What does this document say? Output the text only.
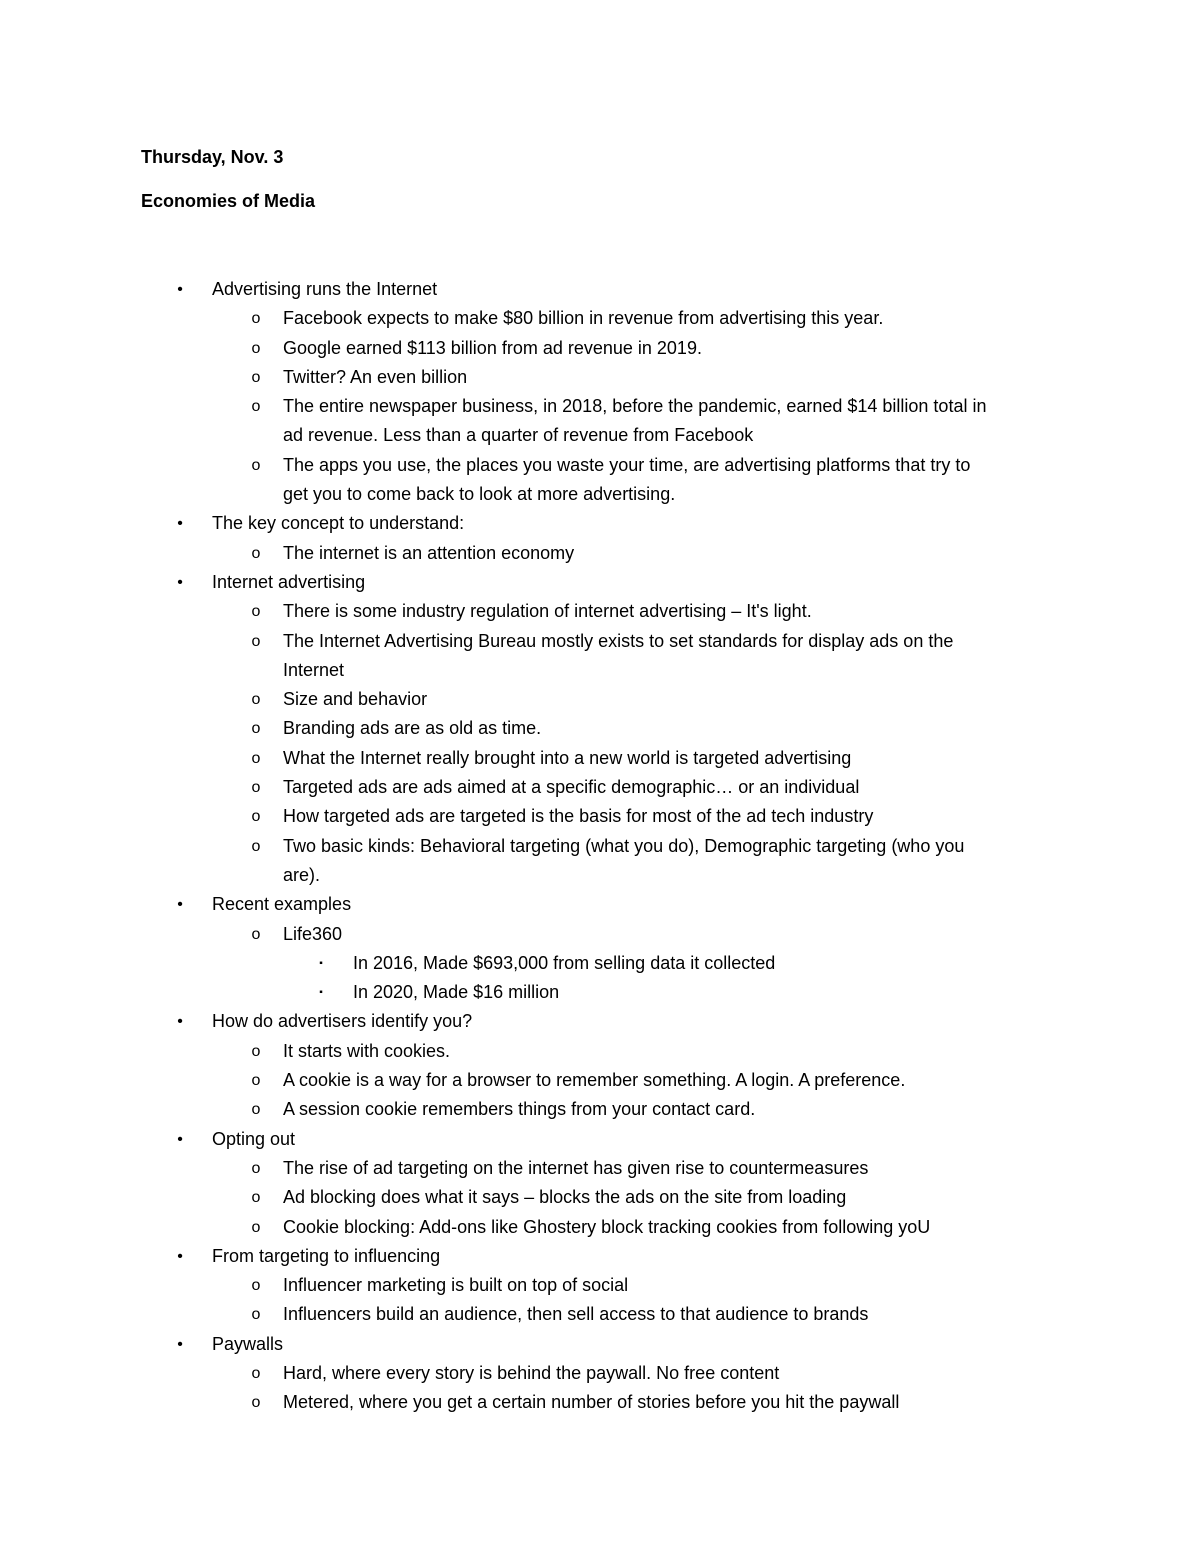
Thursday, Nov. 3
Economies of Media
•	Advertising runs the Internet
o	Facebook expects to make $80 billion in revenue from advertising this year.
o	Google earned $113 billion from ad revenue in 2019.
o	Twitter? An even billion
o	The entire newspaper business, in 2018, before the pandemic, earned $14 billion total in
ad revenue. Less than a quarter of revenue from Facebook
o	The apps you use, the places you waste your time, are advertising platforms that try to
get you to come back to look at more advertising.
•	The key concept to understand:
o	The internet is an attention economy
•	Internet advertising
o	There is some industry regulation of internet advertising – It's light.
o	The Internet Advertising Bureau mostly exists to set standards for display ads on the
Internet
o	Size and behavior
o	Branding ads are as old as time.
o	What the Internet really brought into a new world is targeted advertising
o	Targeted ads are ads aimed at a specific demographic… or an individual
o	How targeted ads are targeted is the basis for most of the ad tech industry
o	Two basic kinds: Behavioral targeting (what you do), Demographic targeting (who you
are).
•	Recent examples
o	Life360
▪	In 2016, Made $693,000 from selling data it collected
▪	In 2020, Made $16 million
•	How do advertisers identify you?
o	It starts with cookies.
o	A cookie is a way for a browser to remember something. A login. A preference.
o	A session cookie remembers things from your contact card.
•	Opting out
o	The rise of ad targeting on the internet has given rise to countermeasures
o	Ad blocking does what it says – blocks the ads on the site from loading
o	Cookie blocking: Add-ons like Ghostery block tracking cookies from following yoU
•	From targeting to influencing
o	Influencer marketing is built on top of social
o	Influencers build an audience, then sell access to that audience to brands
•	Paywalls
o	Hard, where every story is behind the paywall. No free content
o	Metered, where you get a certain number of stories before you hit the paywall
